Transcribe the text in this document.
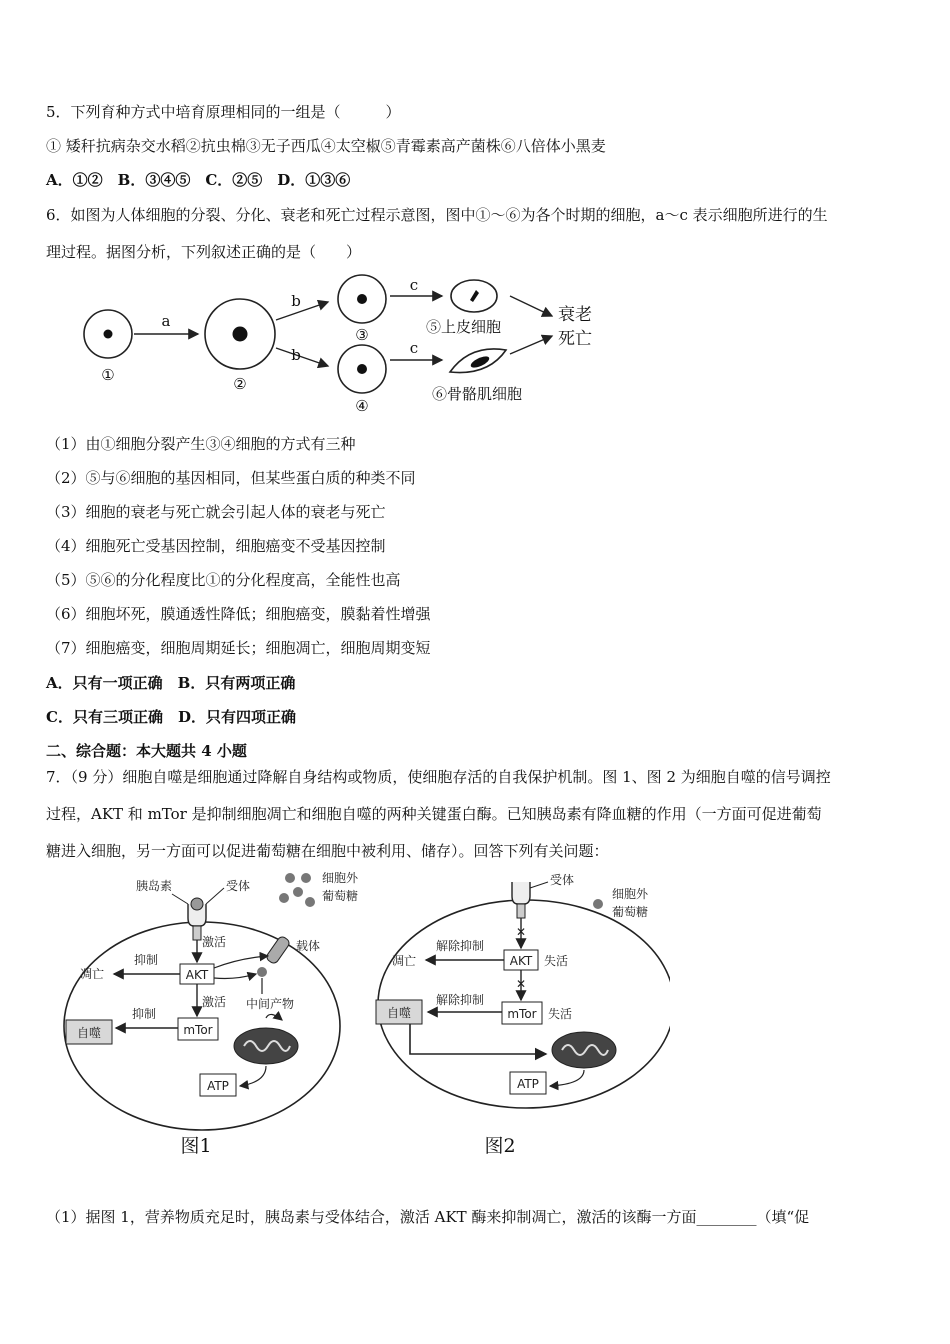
5．下列育种方式中培育原理相同的一组是（　　　）
① 矮秆抗病杂交水稻②抗虫棉③无子西瓜④太空椒⑤青霉素高产菌株⑥八倍体小黑麦
A．①②　B．③④⑤　C．②⑤　D．①③⑥
6．如图为人体细胞的分裂、分化、衰老和死亡过程示意图，图中①～⑥为各个时期的细胞，a～c 表示细胞所进行的生
理过程。据图分析，下列叙述正确的是（　　）
①
a
②
b
b
③
④
c
c
⑤上皮细胞
⑥骨骼肌细胞
衰老
死亡
（1）由①细胞分裂产生③④细胞的方式有三种
（2）⑤与⑥细胞的基因相同，但某些蛋白质的种类不同
（3）细胞的衰老与死亡就会引起人体的衰老与死亡
（4）细胞死亡受基因控制，细胞癌变不受基因控制
（5）⑤⑥的分化程度比①的分化程度高，全能性也高
（6）细胞坏死，膜通透性降低；细胞癌变，膜黏着性增强
（7）细胞癌变，细胞周期延长；细胞凋亡，细胞周期变短
A．只有一项正确　B．只有两项正确
C．只有三项正确　D．只有四项正确
二、综合题：本大题共 4 小题
7．（9 分）细胞自噬是细胞通过降解自身结构或物质，使细胞存活的自我保护机制。图 1、图 2 为细胞自噬的信号调控
过程，AKT 和 mTor 是抑制细胞凋亡和细胞自噬的两种关键蛋白酶。已知胰岛素有降血糖的作用（一方面可促进葡萄
糖进入细胞，另一方面可以促进葡萄糖在细胞中被利用、储存）。回答下列有关问题：
胰岛素	受体
细胞外
葡萄糖
载体
激活
AKT
抑制
凋亡
激活 中间产物
mTor
抑制
自噬
ATP
图1
受体
细胞外
葡萄糖
✕
AKT 失活
解除抑制
凋亡
✕
mTor 失活
解除抑制
自噬
ATP
图2
（1）据图 1，营养物质充足时，胰岛素与受体结合，激活 AKT 酶来抑制凋亡，激活的该酶一方面________（填“促
